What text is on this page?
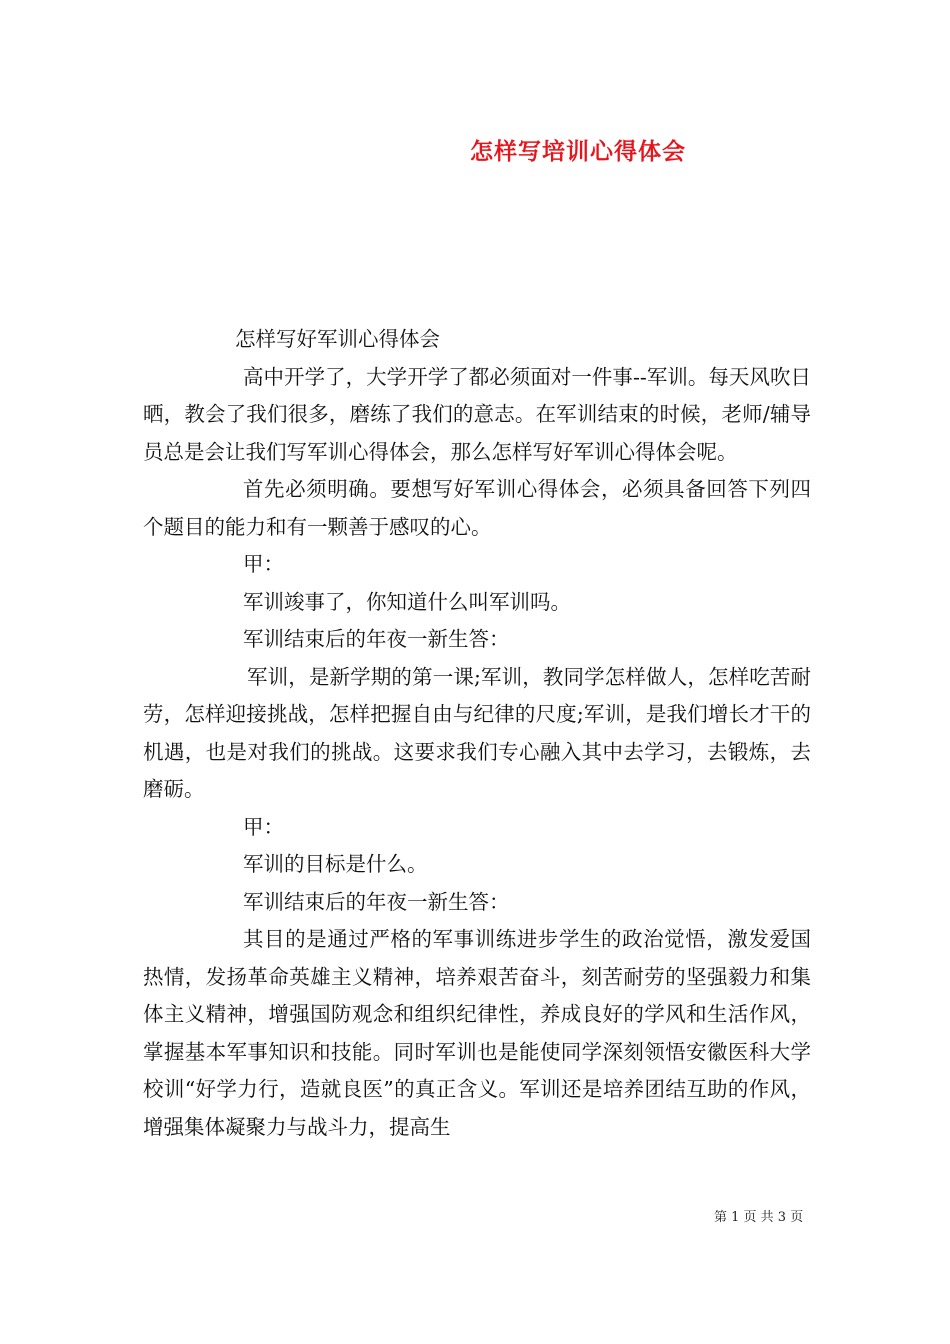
怎样写培训心得体会

怎样写好军训心得体会

高中开学了，大学开学了都必须面对一件事--军训。每天风吹日晒，教会了我们很多，磨练了我们的意志。在军训结束的时候，老师/辅导员总是会让我们写军训心得体会，那么怎样写好军训心得体会呢。

首先必须明确。要想写好军训心得体会，必须具备回答下列四个题目的能力和有一颗善于感叹的心。

甲：

军训竣事了，你知道什么叫军训吗。

军训结束后的年夜一新生答：

军训，是新学期的第一课;军训，教同学怎样做人，怎样吃苦耐劳，怎样迎接挑战，怎样把握自由与纪律的尺度;军训，是我们增长才干的机遇，也是对我们的挑战。这要求我们专心融入其中去学习，去锻炼，去磨砺。

甲：

军训的目标是什么。

军训结束后的年夜一新生答：

其目的是通过严格的军事训练进步学生的政治觉悟，激发爱国热情，发扬革命英雄主义精神，培养艰苦奋斗，刻苦耐劳的坚强毅力和集体主义精神，增强国防观念和组织纪律性，养成良好的学风和生活作风，掌握基本军事知识和技能。同时军训也是能使同学深刻领悟安徽医科大学校训“好学力行，造就良医”的真正含义。军训还是培养团结互助的作风，增强集体凝聚力与战斗力，提高生

第 1 页 共 3 页
